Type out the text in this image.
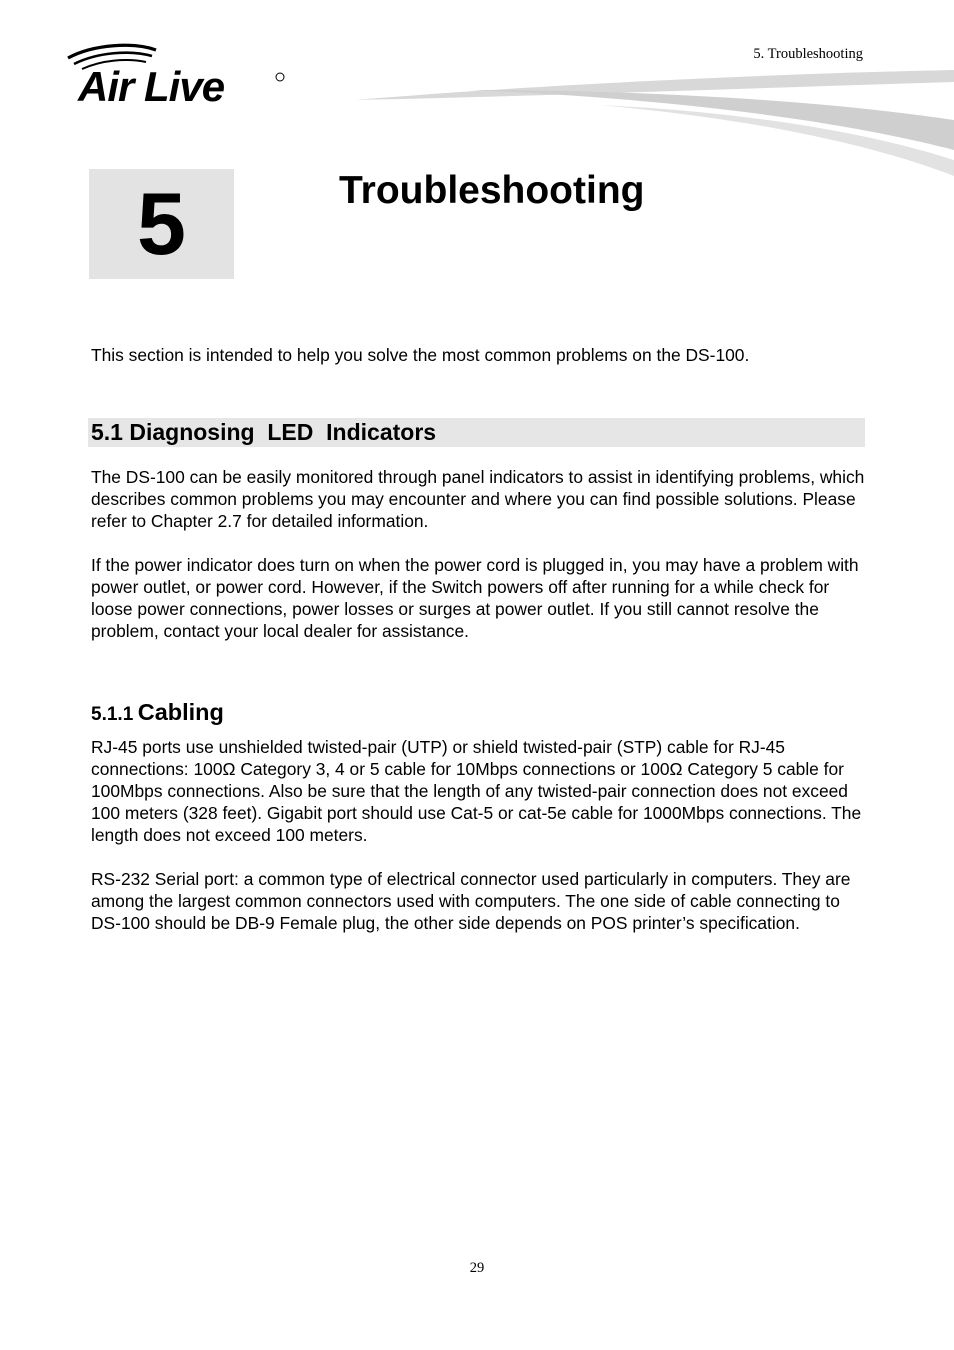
Air Live
5. Troubleshooting
5	Troubleshooting
This section is intended to help you solve the most common problems on the DS-100.
5.1 Diagnosing  LED  Indicators
The DS-100 can be easily monitored through panel indicators to assist in identifying problems, which describes common problems you may encounter and where you can find possible solutions. Please refer to Chapter 2.7 for detailed information.
If the power indicator does turn on when the power cord is plugged in, you may have a problem with power outlet, or power cord. However, if the Switch powers off after running for a while check for loose power connections, power losses or surges at power outlet. If you still cannot resolve the problem, contact your local dealer for assistance.
5.1.1 Cabling
RJ-45 ports use unshielded twisted-pair (UTP) or shield twisted-pair (STP) cable for RJ-45 connections: 100Ω Category 3, 4 or 5 cable for 10Mbps connections or 100Ω Category 5 cable for 100Mbps connections. Also be sure that the length of any twisted-pair connection does not exceed 100 meters (328 feet). Gigabit port should use Cat-5 or cat-5e cable for 1000Mbps connections. The length does not exceed 100 meters.
RS-232 Serial port: a common type of electrical connector used particularly in computers. They are among the largest common connectors used with computers. The one side of cable connecting to DS-100 should be DB-9 Female plug, the other side depends on POS printer’s specification.
29
